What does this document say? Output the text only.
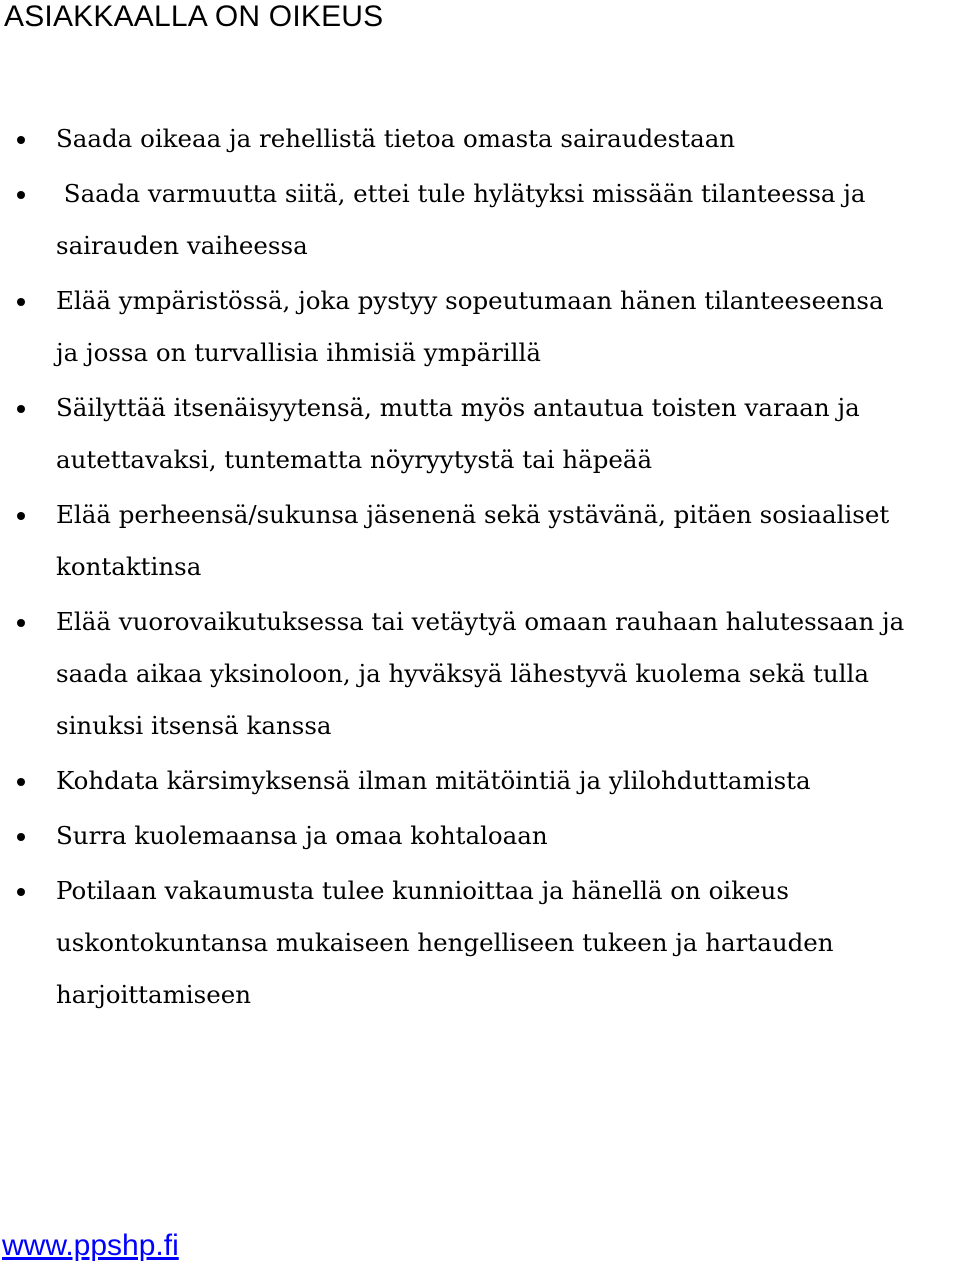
ASIAKKAALLA ON OIKEUS
Saada oikeaa ja rehellistä tietoa omasta sairaudestaan
Saada varmuutta siitä, ettei tule hylätyksi missään tilanteessa ja
sairauden vaiheessa
Elää ympäristössä, joka pystyy sopeutumaan hänen tilanteeseensa
ja jossa on turvallisia ihmisiä ympärillä
Säilyttää itsenäisyytensä, mutta myös antautua toisten varaan ja
autettavaksi, tuntematta nöyryytystä tai häpeää
Elää perheensä/sukunsa jäsenenä sekä ystävänä, pitäen sosiaaliset
kontaktinsa
Elää vuorovaikutuksessa tai vetäytyä omaan rauhaan halutessaan ja
saada aikaa yksinoloon, ja hyväksyä lähestyvä kuolema sekä tulla
sinuksi itsensä kanssa
Kohdata kärsimyksensä ilman mitätöintiä ja ylilohduttamista
Surra kuolemaansa ja omaa kohtaloaan
Potilaan vakaumusta tulee kunnioittaa ja hänellä on oikeus
uskontokuntansa mukaiseen hengelliseen tukeen ja hartauden
harjoittamiseen
www.ppshp.fi
